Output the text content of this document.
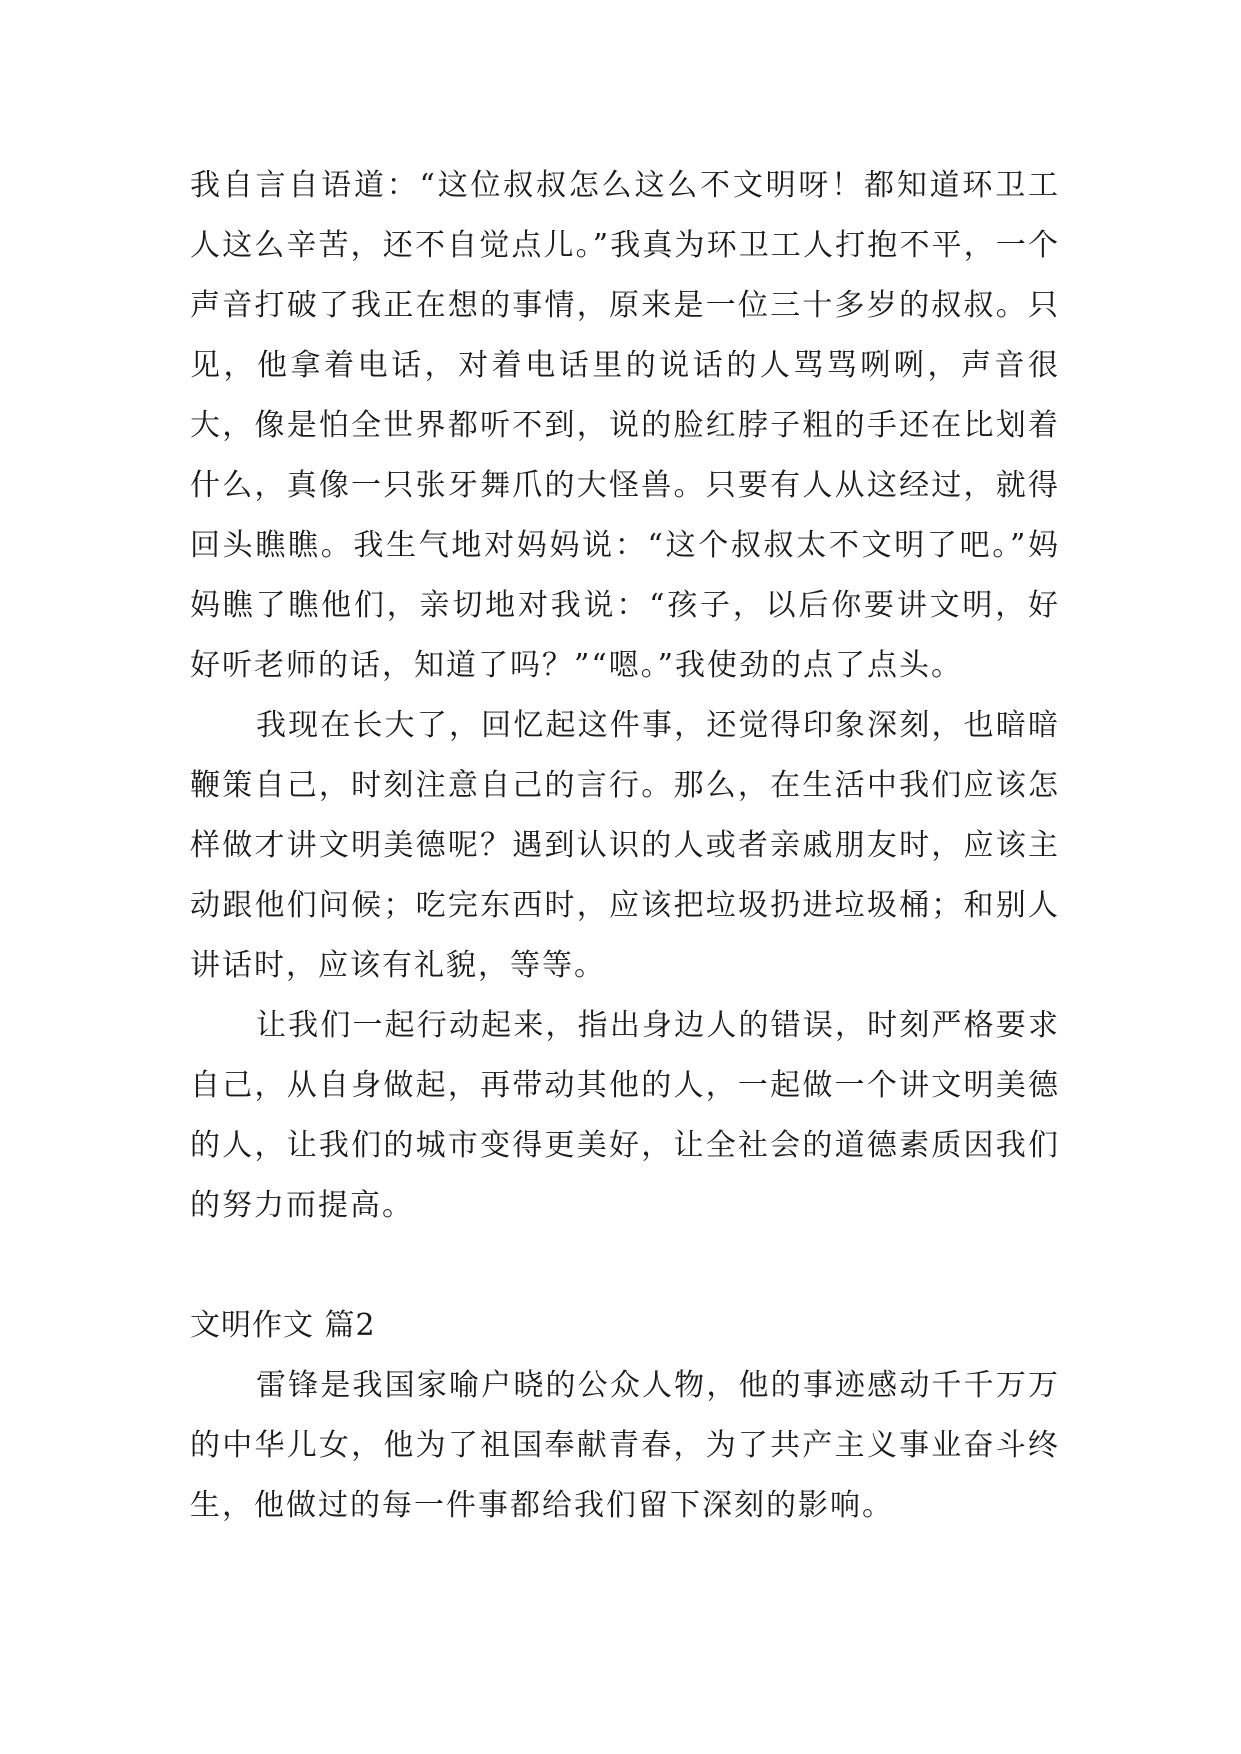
我自言自语道：“这位叔叔怎么这么不文明呀！都知道环卫工人这么辛苦，还不自觉点儿。”我真为环卫工人打抱不平，一个声音打破了我正在想的事情，原来是一位三十多岁的叔叔。只见，他拿着电话，对着电话里的说话的人骂骂咧咧，声音很大，像是怕全世界都听不到，说的脸红脖子粗的手还在比划着什么，真像一只张牙舞爪的大怪兽。只要有人从这经过，就得回头瞧瞧。我生气地对妈妈说：“这个叔叔太不文明了吧。”妈妈瞧了瞧他们，亲切地对我说：“孩子，以后你要讲文明，好好听老师的话，知道了吗？”“嗯。”我使劲的点了点头。

我现在长大了，回忆起这件事，还觉得印象深刻，也暗暗鞭策自己，时刻注意自己的言行。那么，在生活中我们应该怎样做才讲文明美德呢？遇到认识的人或者亲戚朋友时，应该主动跟他们问候；吃完东西时，应该把垃圾扔进垃圾桶；和别人讲话时，应该有礼貌，等等。

让我们一起行动起来，指出身边人的错误，时刻严格要求自己，从自身做起，再带动其他的人，一起做一个讲文明美德的人，让我们的城市变得更美好，让全社会的道德素质因我们的努力而提高。

文明作文 篇2

雷锋是我国家喻户晓的公众人物，他的事迹感动千千万万的中华儿女，他为了祖国奉献青春，为了共产主义事业奋斗终生，他做过的每一件事都给我们留下深刻的影响。
